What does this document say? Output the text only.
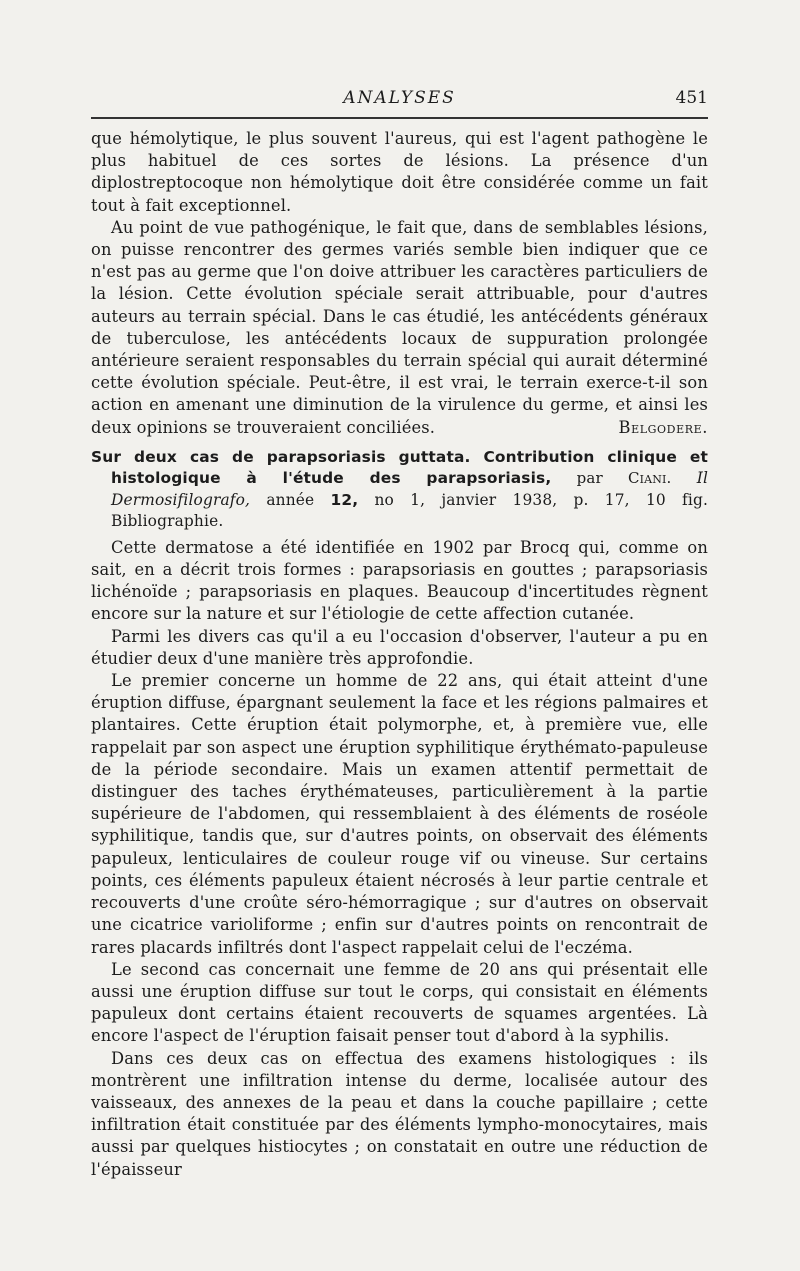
ANALYSES	451

que hémolytique, le plus souvent l'aureus, qui est l'agent pathogène le plus habituel de ces sortes de lésions. La présence d'un diplostreptocoque non hémolytique doit être considérée comme un fait tout à fait exceptionnel.

Au point de vue pathogénique, le fait que, dans de semblables lésions, on puisse rencontrer des germes variés semble bien indiquer que ce n'est pas au germe que l'on doive attribuer les caractères particuliers de la lésion. Cette évolution spéciale serait attribuable, pour d'autres auteurs au terrain spécial. Dans le cas étudié, les antécédents généraux de tuberculose, les antécédents locaux de suppuration prolongée antérieure seraient responsables du terrain spécial qui aurait déterminé cette évolution spéciale. Peut-être, il est vrai, le terrain exerce-t-il son action en amenant une diminution de la virulence du germe, et ainsi les deux opinions se trouveraient conciliées.	Belgodere.

Sur deux cas de parapsoriasis guttata. Contribution clinique et histologique à l'étude des parapsoriasis, par Ciani. Il Dermosifilografo, année 12, no 1, janvier 1938, p. 17, 10 fig. Bibliographie.

Cette dermatose a été identifiée en 1902 par Brocq qui, comme on sait, en a décrit trois formes : parapsoriasis en gouttes ; parapsoriasis lichénoïde ; parapsoriasis en plaques. Beaucoup d'incertitudes règnent encore sur la nature et sur l'étiologie de cette affection cutanée.

Parmi les divers cas qu'il a eu l'occasion d'observer, l'auteur a pu en étudier deux d'une manière très approfondie.

Le premier concerne un homme de 22 ans, qui était atteint d'une éruption diffuse, épargnant seulement la face et les régions palmaires et plantaires. Cette éruption était polymorphe, et, à première vue, elle rappelait par son aspect une éruption syphilitique érythémato-papuleuse de la période secondaire. Mais un examen attentif permettait de distinguer des taches érythémateuses, particulièrement à la partie supérieure de l'abdomen, qui ressemblaient à des éléments de roséole syphilitique, tandis que, sur d'autres points, on observait des éléments papuleux, lenticulaires de couleur rouge vif ou vineuse. Sur certains points, ces éléments papuleux étaient nécrosés à leur partie centrale et recouverts d'une croûte séro-hémorragique ; sur d'autres on observait une cicatrice varioliforme ; enfin sur d'autres points on rencontrait de rares placards infiltrés dont l'aspect rappelait celui de l'eczéma.

Le second cas concernait une femme de 20 ans qui présentait elle aussi une éruption diffuse sur tout le corps, qui consistait en éléments papuleux dont certains étaient recouverts de squames argentées. Là encore l'aspect de l'éruption faisait penser tout d'abord à la syphilis.

Dans ces deux cas on effectua des examens histologiques : ils montrèrent une infiltration intense du derme, localisée autour des vaisseaux, des annexes de la peau et dans la couche papillaire ; cette infiltration était constituée par des éléments lympho-monocytaires, mais aussi par quelques histiocytes ; on constatait en outre une réduction de l'épaisseur
